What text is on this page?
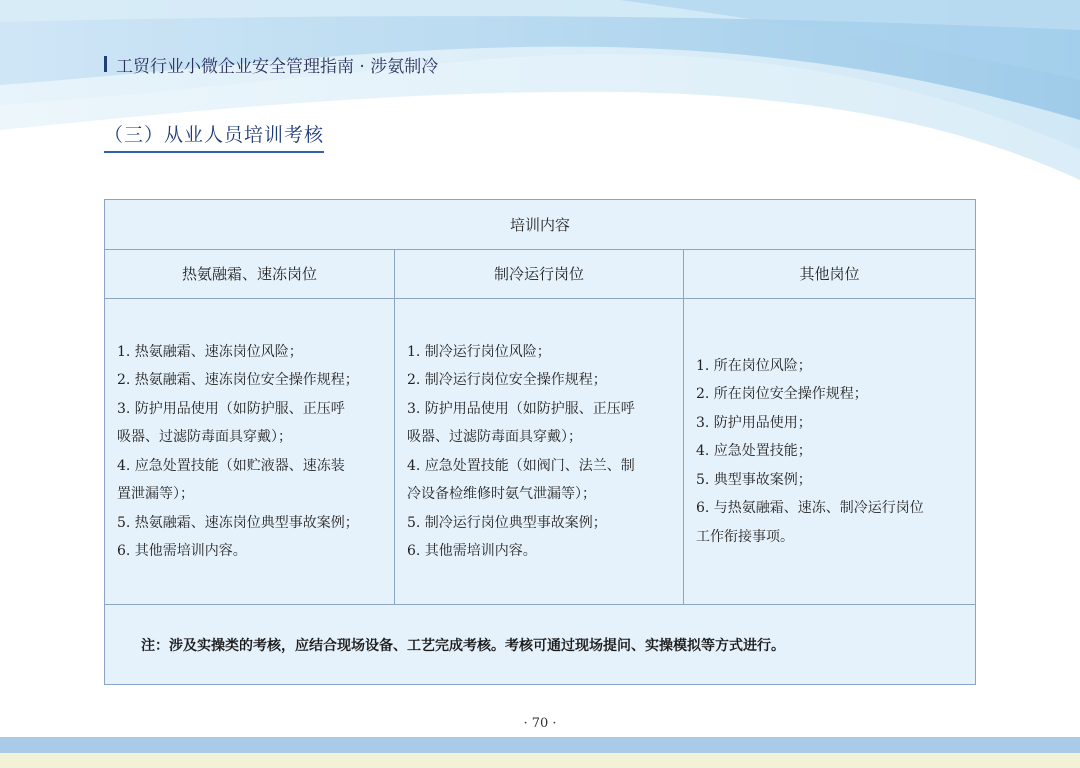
工贸行业小微企业安全管理指南 · 涉氨制冷
（三）从业人员培训考核
培训内容
热氨融霜、速冻岗位	制冷运行岗位	其他岗位
1. 热氨融霜、速冻岗位风险；
2. 热氨融霜、速冻岗位安全操作规程；
3. 防护用品使用（如防护服、正压呼
吸器、过滤防毒面具穿戴）；
4. 应急处置技能（如贮液器、速冻装
置泄漏等）；
5. 热氨融霜、速冻岗位典型事故案例；
6. 其他需培训内容。
1. 制冷运行岗位风险；
2. 制冷运行岗位安全操作规程；
3. 防护用品使用（如防护服、正压呼
吸器、过滤防毒面具穿戴）；
4. 应急处置技能（如阀门、法兰、制
冷设备检维修时氨气泄漏等）；
5. 制冷运行岗位典型事故案例；
6. 其他需培训内容。
1. 所在岗位风险；
2. 所在岗位安全操作规程；
3. 防护用品使用；
4. 应急处置技能；
5. 典型事故案例；
6. 与热氨融霜、速冻、制冷运行岗位
工作衔接事项。
注：涉及实操类的考核，应结合现场设备、工艺完成考核。考核可通过现场提问、实操模拟等方式进行。
· 70 ·
